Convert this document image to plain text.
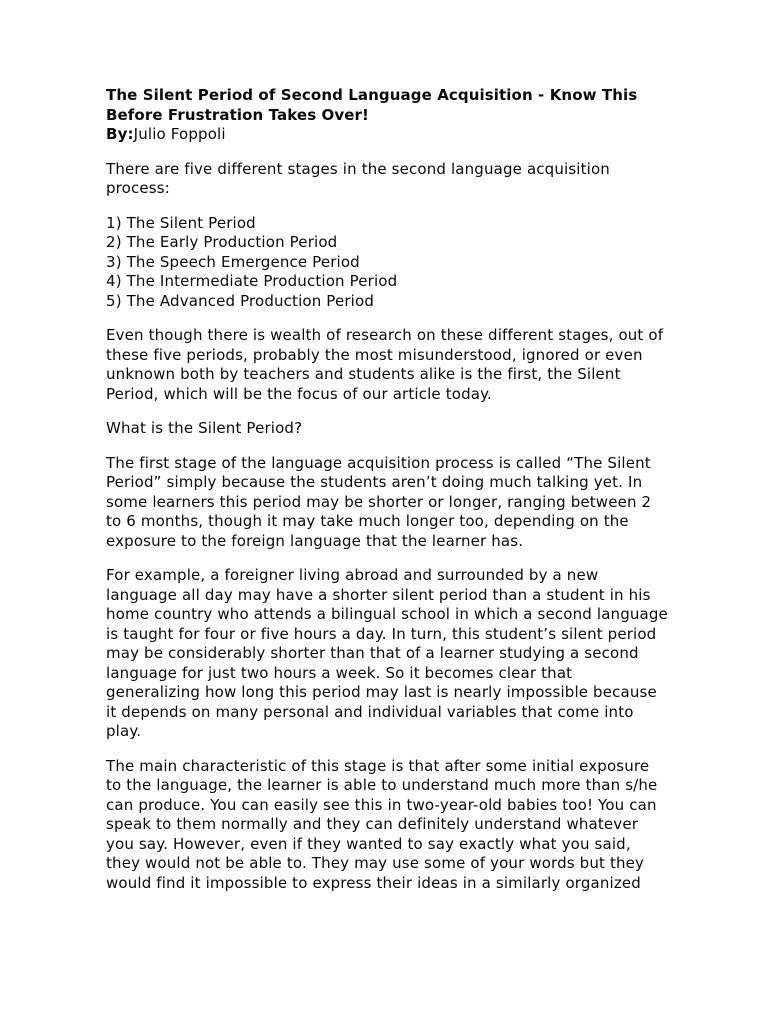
The Silent Period of Second Language Acquisition - Know This
Before Frustration Takes Over!
By:Julio Foppoli
There are five different stages in the second language acquisition
process:
1) The Silent Period
2) The Early Production Period
3) The Speech Emergence Period
4) The Intermediate Production Period
5) The Advanced Production Period
Even though there is wealth of research on these different stages, out of
these five periods, probably the most misunderstood, ignored or even
unknown both by teachers and students alike is the first, the Silent
Period, which will be the focus of our article today.
What is the Silent Period?
The first stage of the language acquisition process is called “The Silent
Period” simply because the students aren’t doing much talking yet. In
some learners this period may be shorter or longer, ranging between 2
to 6 months, though it may take much longer too, depending on the
exposure to the foreign language that the learner has.
For example, a foreigner living abroad and surrounded by a new
language all day may have a shorter silent period than a student in his
home country who attends a bilingual school in which a second language
is taught for four or five hours a day. In turn, this student’s silent period
may be considerably shorter than that of a learner studying a second
language for just two hours a week. So it becomes clear that
generalizing how long this period may last is nearly impossible because
it depends on many personal and individual variables that come into
play.
The main characteristic of this stage is that after some initial exposure
to the language, the learner is able to understand much more than s/he
can produce. You can easily see this in two-year-old babies too! You can
speak to them normally and they can definitely understand whatever
you say. However, even if they wanted to say exactly what you said,
they would not be able to. They may use some of your words but they
would find it impossible to express their ideas in a similarly organized
